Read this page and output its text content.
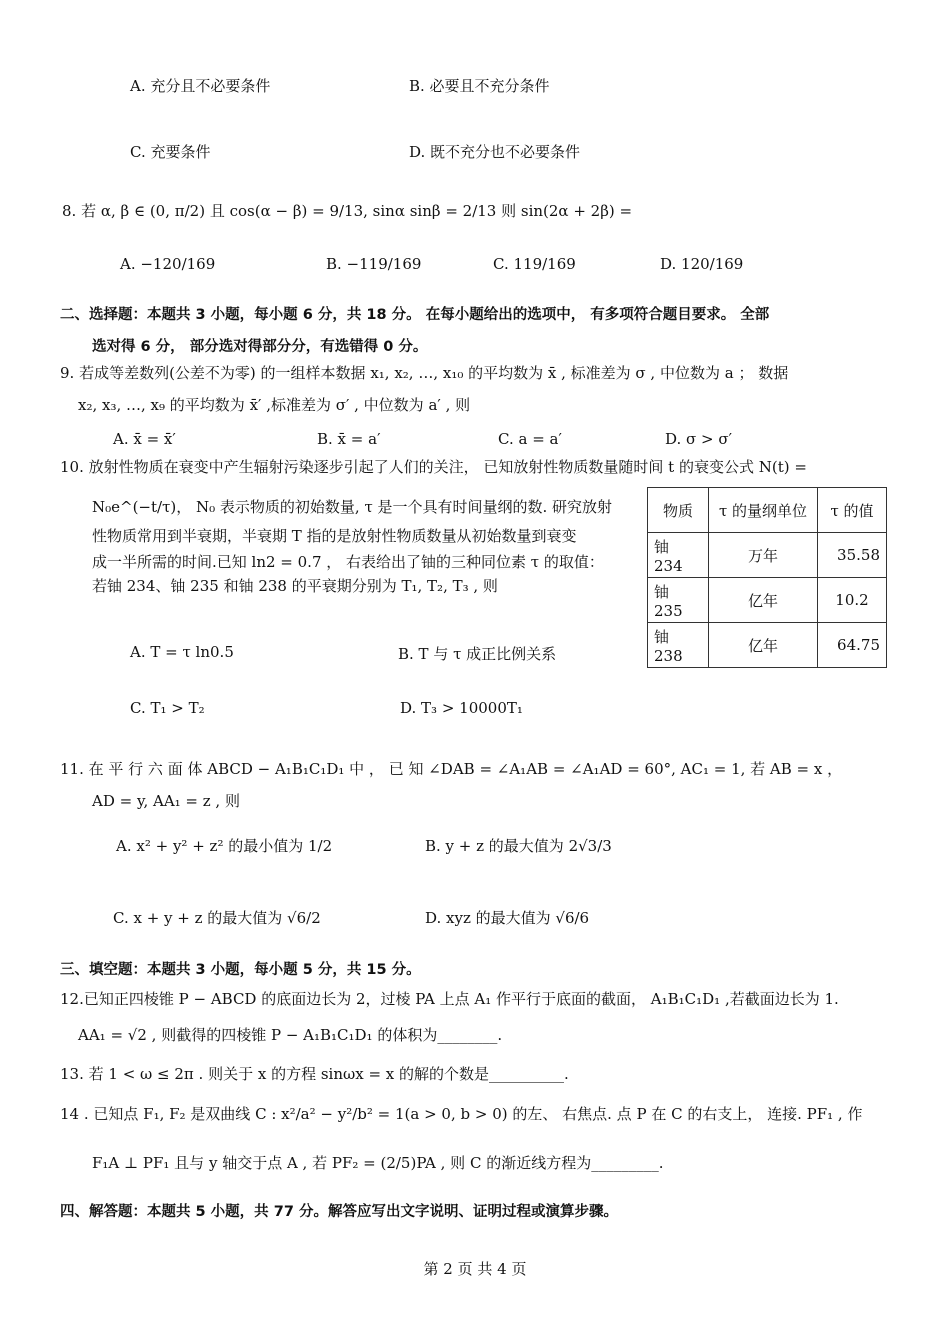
A. 充分且不必要条件	B. 必要且不充分条件
C. 充要条件	D. 既不充分也不必要条件
8. 若 α, β ∈ (0, π/2) 且 cos(α − β) = 9/13, sinα sinβ = 2/13 则 sin(2α + 2β) =
A. −120/169	B. −119/169	C. 119/169	D. 120/169
二、选择题：本题共 3 小题，每小题 6 分，共 18 分。 在每小题给出的选项中， 有多项符合题目要求。 全部
选对得 6 分， 部分选对得部分分，有选错得 0 分。
9. 若成等差数列(公差不为零) 的一组样本数据 x₁, x₂, …, x₁₀ 的平均数为 x̄ , 标准差为 σ , 中位数为 a ； 数据
x₂, x₃, …, x₉ 的平均数为 x̄′ ,标准差为 σ′ , 中位数为 a′ , 则
A. x̄ = x̄′	B. x̄ = a′	C. a = a′	D. σ > σ′
10. 放射性物质在衰变中产生辐射污染逐步引起了人们的关注， 已知放射性物质数量随时间 t 的衰变公式 N(t) =
N₀e^(−t/τ)， N₀ 表示物质的初始数量, τ 是一个具有时间量纲的数. 研究放射
性物质常用到半衰期，半衰期 T 指的是放射性物质数量从初始数量到衰变
成一半所需的时间.已知 ln2 = 0.7 ， 右表给出了铀的三种同位素 τ 的取值：
若铀 234、铀 235 和铀 238 的平衰期分别为 T₁, T₂, T₃ , 则
物质	τ 的量纲单位	τ 的值
铀 234	万年	35.58
铀 235	亿年	10.2
铀 238	亿年	64.75
A. T = τ ln0.5	B. T 与 τ 成正比例关系
C. T₁ > T₂	D. T₃ > 10000T₁
11. 在 平 行 六 面 体 ABCD − A₁B₁C₁D₁ 中 ， 已 知 ∠DAB = ∠A₁AB = ∠A₁AD = 60°, AC₁ = 1, 若 AB = x ，
AD = y, AA₁ = z , 则
A. x² + y² + z² 的最小值为 1/2	B. y + z 的最大值为 2√3/3
C. x + y + z 的最大值为 √6/2	D. xyz 的最大值为 √6/6
三、填空题：本题共 3 小题，每小题 5 分，共 15 分。
12.已知正四棱锥 P − ABCD 的底面边长为 2，过棱 PA 上点 A₁ 作平行于底面的截面， A₁B₁C₁D₁ ,若截面边长为 1.
AA₁ = √2 , 则截得的四棱锥 P − A₁B₁C₁D₁ 的体积为________.
13. 若 1 < ω ≤ 2π . 则关于 x 的方程 sinωx = x 的解的个数是__________.
14 . 已知点 F₁, F₂ 是双曲线 C : x²/a² − y²/b² = 1(a > 0, b > 0) 的左、 右焦点. 点 P 在 C 的右支上， 连接. PF₁ , 作
F₁A ⊥ PF₁ 且与 y 轴交于点 A , 若 PF₂ = (2/5)PA , 则 C 的渐近线方程为_________.
四、解答题：本题共 5 小题，共 77 分。解答应写出文字说明、证明过程或演算步骤。
第 2 页 共 4 页
